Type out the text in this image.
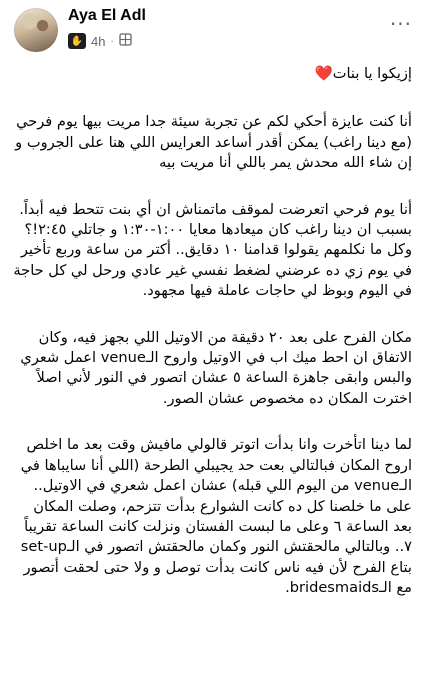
Aya El Adl
✋ 4h ·
···

إزيكوا يا بنات❤️

أنا كنت عايزة أحكي لكم عن تجربة سيئة جدا مريت بيها يوم فرحي (مع دينا راغب) يمكن أقدر أساعد العرايس اللي هنا على الجروب و إن شاء الله محدش يمر باللي أنا مريت بيه

أنا يوم فرحي اتعرضت لموقف ماتمناش ان أي بنت تتحط فيه أبداً. بسبب ان دينا راغب كان ميعادها معايا ١:٠٠-١:٣٠ و جاتلي ٢:٤٥!؟ وكل ما نكلمهم يقولوا قدامنا ١٠ دقايق.. أكتر من ساعة وربع تأخير في يوم زي ده عرضني لضغط نفسي غير عادي ورحل لي كل حاجة في اليوم وبوظ لي حاجات عاملة فيها مجهود.

مكان الفرح على بعد ٢٠ دقيقة من الاوتيل اللي بجهز فيه، وكان الاتفاق ان احط ميك اب في الاوتيل واروح الـvenue اعمل شعري والبس وابقى جاهزة الساعة ٥ عشان اتصور في النور لأني اصلاً اخترت المكان ده مخصوص عشان الصور.

لما دينا اتأخرت وانا بدأت اتوتر قالولي مافيش وقت بعد ما اخلص اروح المكان فبالتالي بعت حد يجيبلي الطرحة (اللي أنا سايباها في الـvenue من اليوم اللي قبله) عشان اعمل شعري في الاوتيل.. على ما خلصنا كل ده كانت الشوارع بدأت تتزحم، وصلت المكان بعد الساعة ٦ وعلى ما لبست الفستان ونزلت كانت الساعة تقريباً ٧.. وبالتالي مالحقتش النور وكمان مالحقتش اتصور في الـset-up بتاع الفرح لأن فيه ناس كانت بدأت توصل و ولا حتى لحقت أتصور مع الـbridesmaids.
